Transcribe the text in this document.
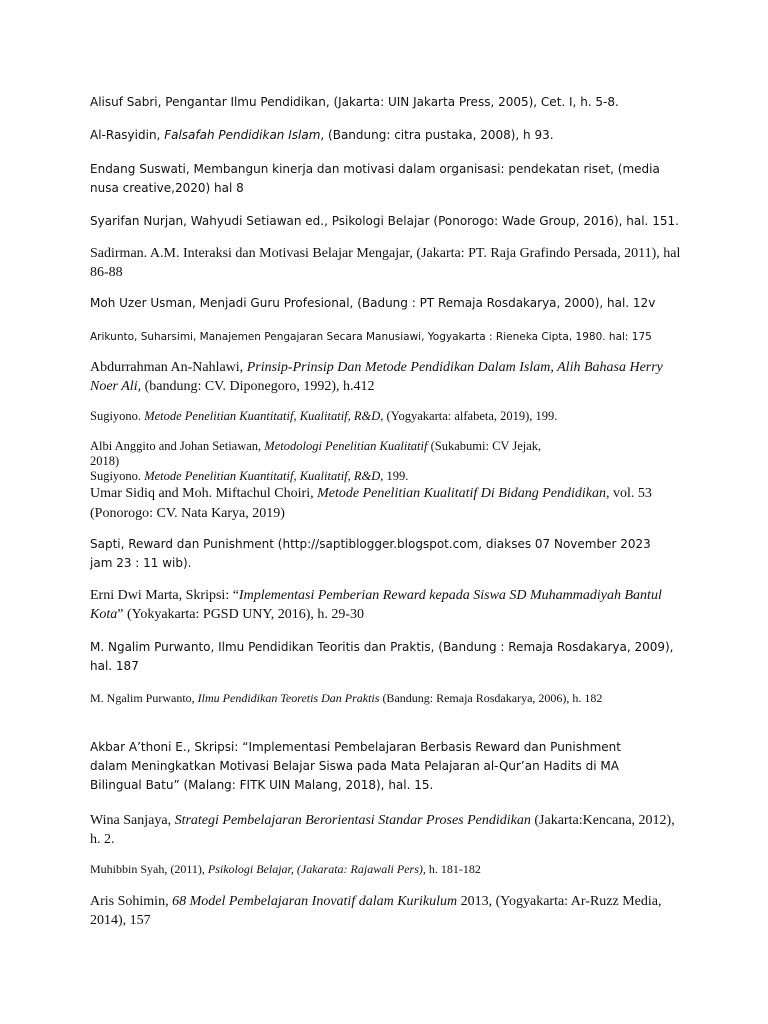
Alisuf Sabri, Pengantar Ilmu Pendidikan, (Jakarta: UIN Jakarta Press, 2005), Cet. I, h. 5-8.

Al-Rasyidin, Falsafah Pendidikan Islam, (Bandung: citra pustaka, 2008), h 93.

Endang Suswati, Membangun kinerja dan motivasi dalam organisasi: pendekatan riset, (media nusa creative,2020) hal 8

Syarifan Nurjan, Wahyudi Setiawan ed., Psikologi Belajar (Ponorogo: Wade Group, 2016), hal. 151.

Sadirman. A.M. Interaksi dan Motivasi Belajar Mengajar, (Jakarta: PT. Raja Grafindo Persada, 2011), hal 86-88

Moh Uzer Usman, Menjadi Guru Profesional, (Badung : PT Remaja Rosdakarya, 2000), hal. 12v

Arikunto, Suharsimi, Manajemen Pengajaran Secara Manusiawi, Yogyakarta : Rieneka Cipta, 1980. hal: 175

Abdurrahman An-Nahlawi, Prinsip-Prinsip Dan Metode Pendidikan Dalam Islam, Alih Bahasa Herry Noer Ali, (bandung: CV. Diponegoro, 1992), h.412

Sugiyono. Metode Penelitian Kuantitatif, Kualitatif, R&D, (Yogyakarta: alfabeta, 2019), 199.

Albi Anggito and Johan Setiawan, Metodologi Penelitian Kualitatif (Sukabumi: CV Jejak, 2018)

Sugiyono. Metode Penelitian Kuantitatif, Kualitatif, R&D, 199.

Umar Sidiq and Moh. Miftachul Choiri, Metode Penelitian Kualitatif Di Bidang Pendidikan, vol. 53 (Ponorogo: CV. Nata Karya, 2019)

Sapti, Reward dan Punishment (http://saptiblogger.blogspot.com, diakses 07 November 2023 jam 23 : 11 wib).

Erni Dwi Marta, Skripsi: “Implementasi Pemberian Reward kepada Siswa SD Muhammadiyah Bantul Kota” (Yokyakarta: PGSD UNY, 2016), h. 29-30

M. Ngalim Purwanto, Ilmu Pendidikan Teoritis dan Praktis, (Bandung : Remaja Rosdakarya, 2009), hal. 187

M. Ngalim Purwanto, Ilmu Pendidikan Teoretis Dan Praktis (Bandung: Remaja Rosdakarya, 2006), h. 182

Akbar A’thoni E., Skripsi: “Implementasi Pembelajaran Berbasis Reward dan Punishment dalam Meningkatkan Motivasi Belajar Siswa pada Mata Pelajaran al-Qur’an Hadits di MA Bilingual Batu” (Malang: FITK UIN Malang, 2018), hal. 15.

Wina Sanjaya, Strategi Pembelajaran Berorientasi Standar Proses Pendidikan (Jakarta:Kencana, 2012), h. 2.

Muhibbin Syah, (2011), Psikologi Belajar, (Jakarata: Rajawali Pers), h. 181-182

Aris Sohimin, 68 Model Pembelajaran Inovatif dalam Kurikulum 2013, (Yogyakarta: Ar-Ruzz Media, 2014), 157
